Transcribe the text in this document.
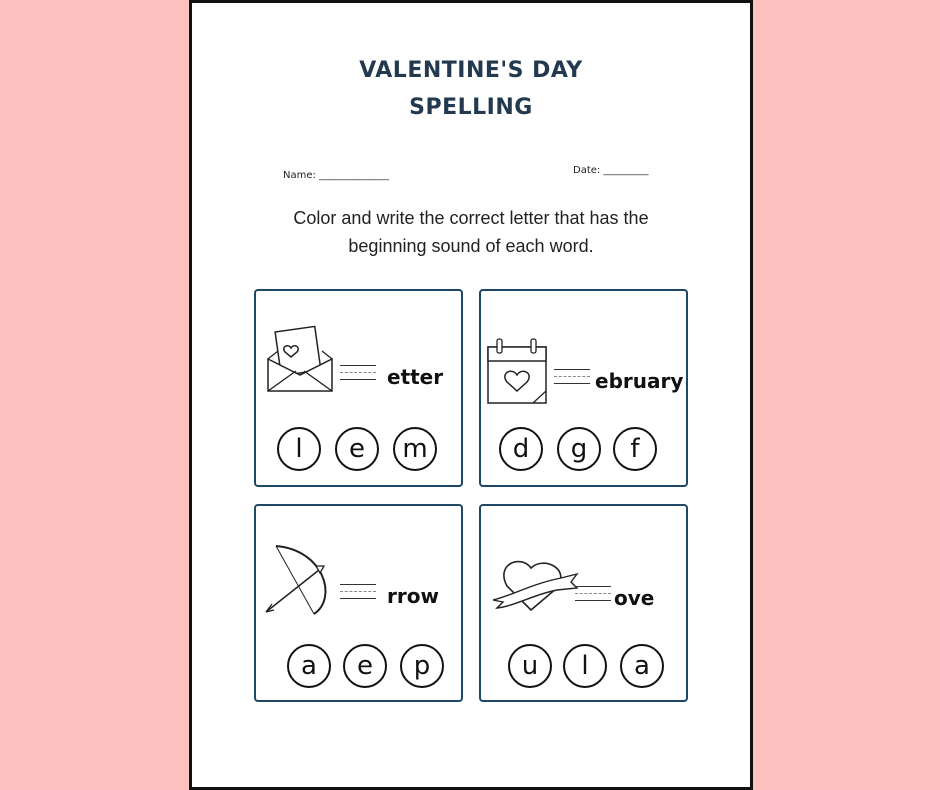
VALENTINE'S DAY
SPELLING
Name: ______________	Date: _________
Color and write the correct letter that has the
beginning sound of each word.
etter
l	e	m
ebruary
d	g	f
rrow
a	e	p
ove
u	l	a
